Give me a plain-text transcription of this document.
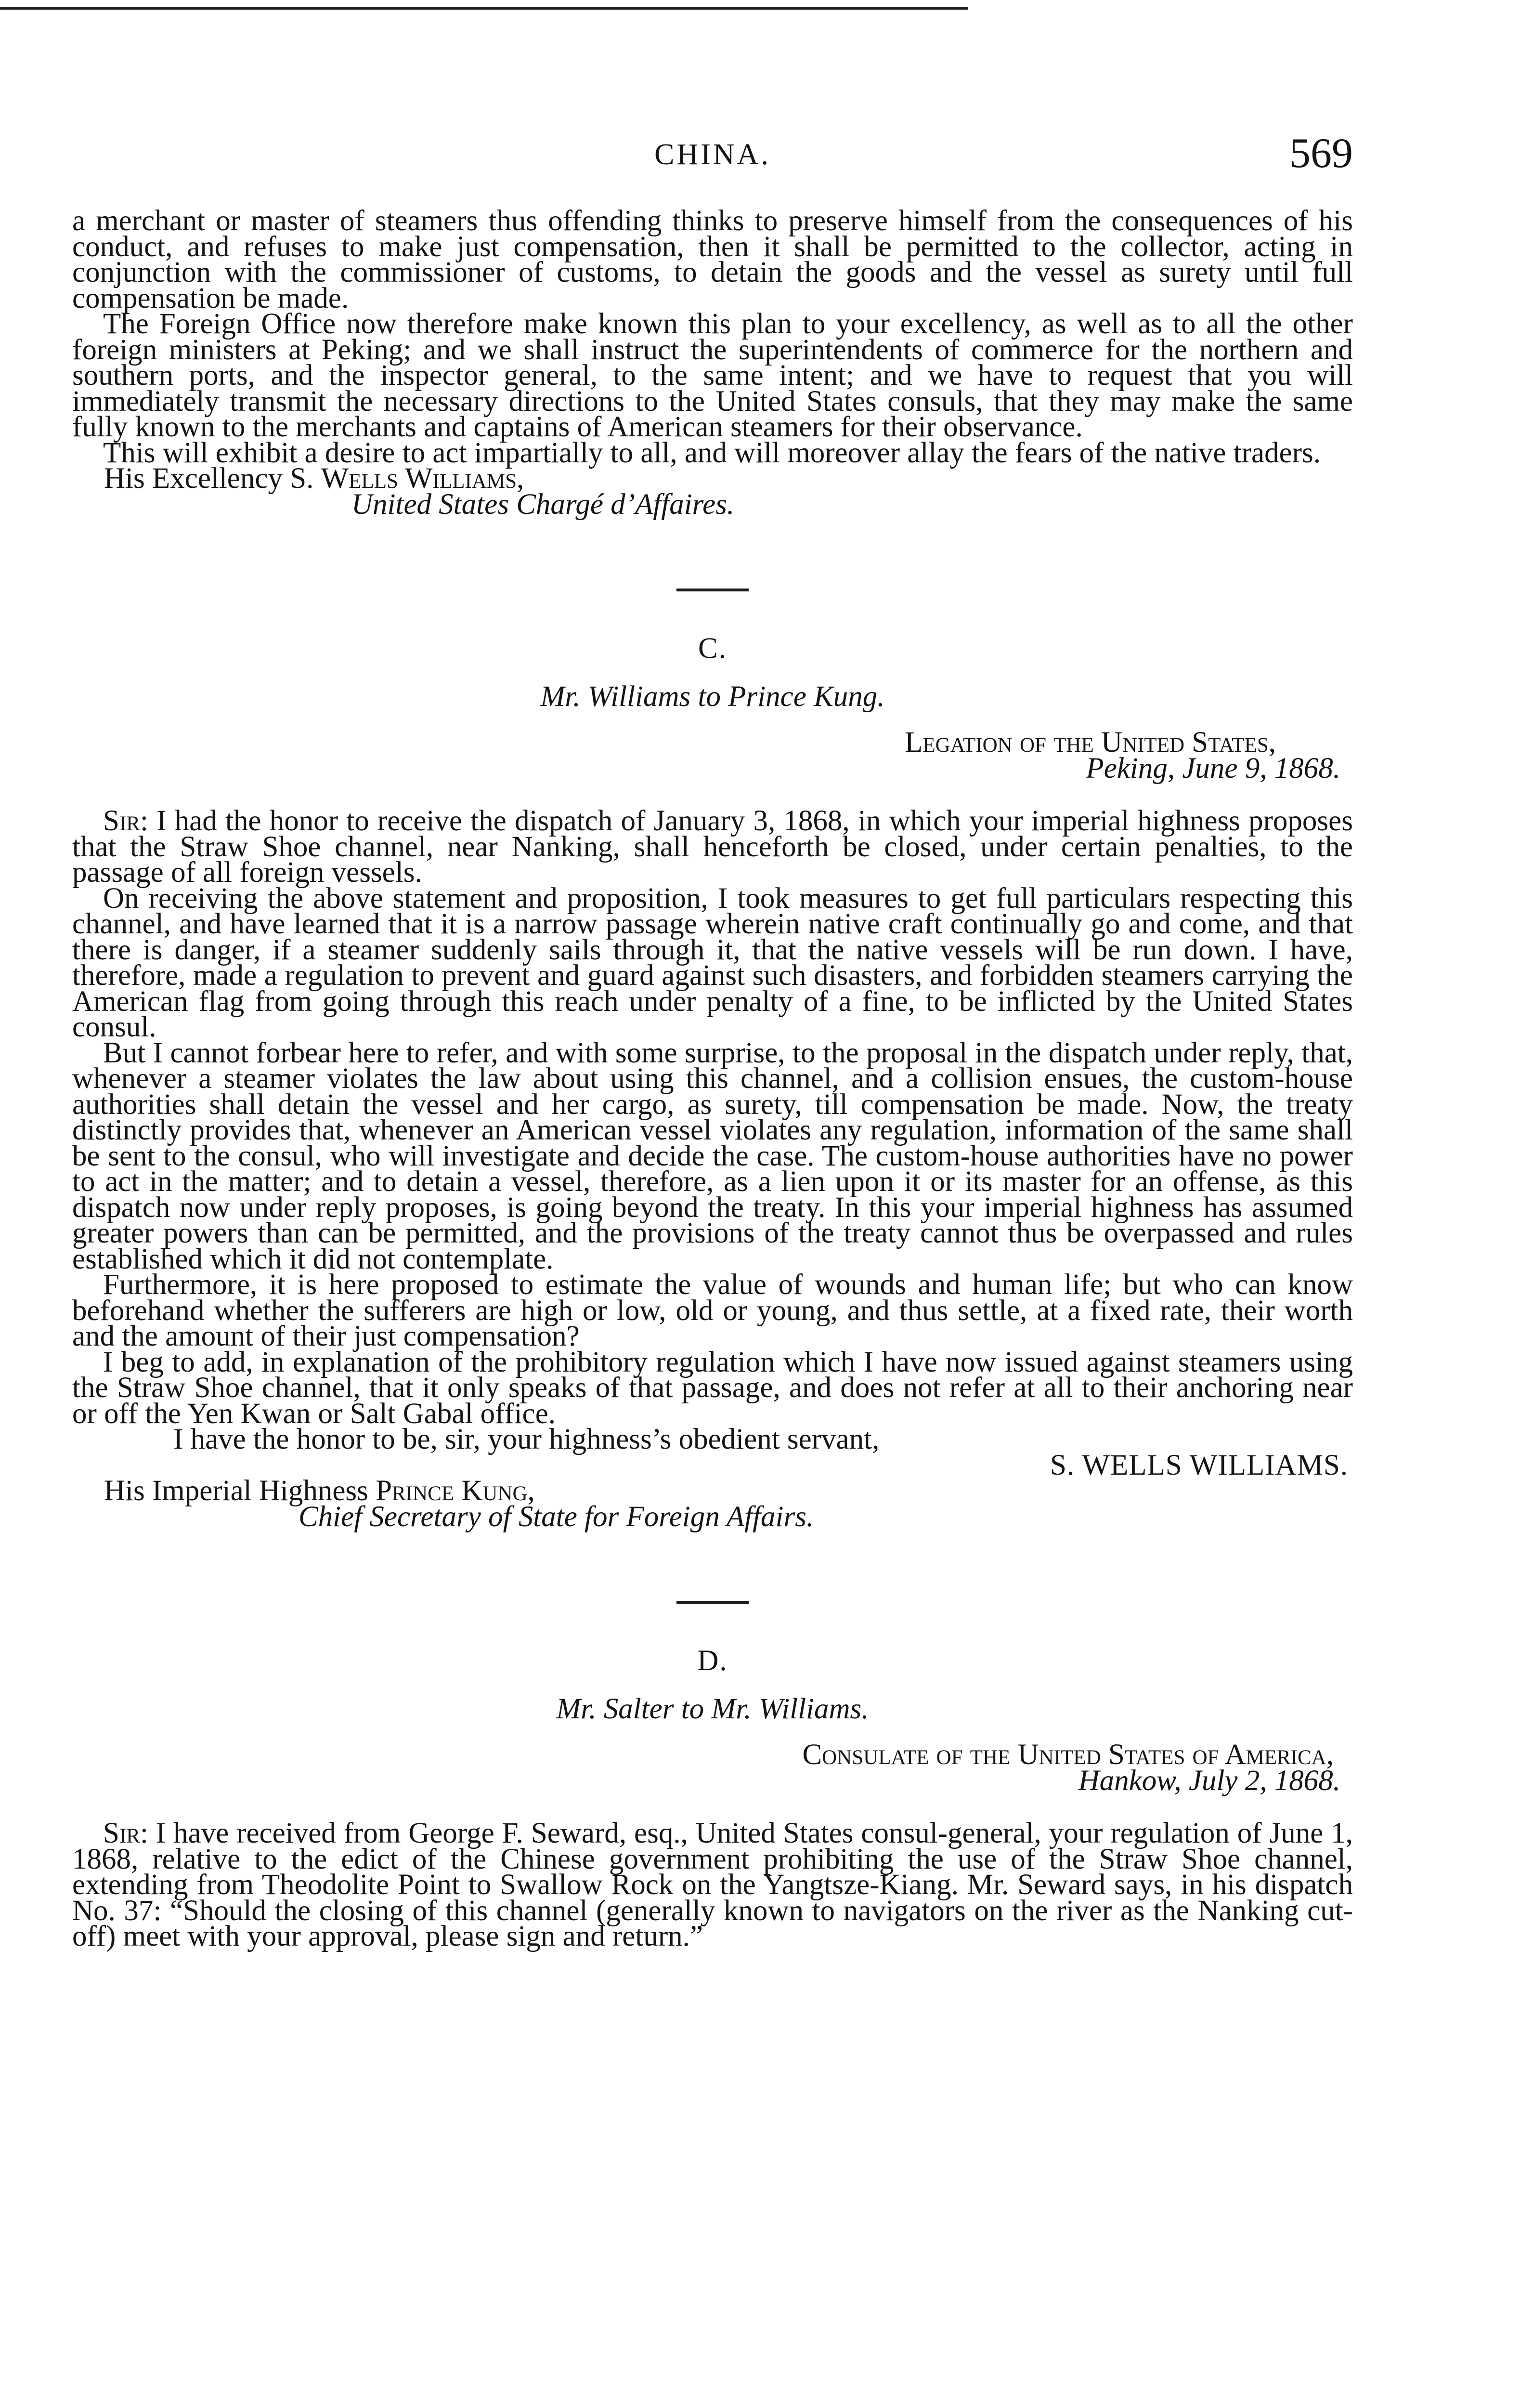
CHINA.	569

a merchant or master of steamers thus offending thinks to preserve himself from the consequences of his conduct, and refuses to make just compensation, then it shall be permitted to the collector, acting in conjunction with the commissioner of customs, to detain the goods and the vessel as surety until full compensation be made.

The Foreign Office now therefore make known this plan to your excellency, as well as to all the other foreign ministers at Peking; and we shall instruct the superintendents of commerce for the northern and southern ports, and the inspector general, to the same intent; and we have to request that you will immediately transmit the necessary directions to the United States consuls, that they may make the same fully known to the merchants and captains of American steamers for their observance.

This will exhibit a desire to act impartially to all, and will moreover allay the fears of the native traders.

His Excellency S. Wells Williams,

United States Chargé d’Affaires.

C.
Mr. Williams to Prince Kung.
Legation of the United States,
Peking, June 9, 1868.

Sir: I had the honor to receive the dispatch of January 3, 1868, in which your imperial highness proposes that the Straw Shoe channel, near Nanking, shall henceforth be closed, under certain penalties, to the passage of all foreign vessels.

On receiving the above statement and proposition, I took measures to get full particulars respecting this channel, and have learned that it is a narrow passage wherein native craft continually go and come, and that there is danger, if a steamer suddenly sails through it, that the native vessels will be run down. I have, therefore, made a regulation to prevent and guard against such disasters, and forbidden steamers carrying the American flag from going through this reach under penalty of a fine, to be inflicted by the United States consul.

But I cannot forbear here to refer, and with some surprise, to the proposal in the dispatch under reply, that, whenever a steamer violates the law about using this channel, and a collision ensues, the custom-house authorities shall detain the vessel and her cargo, as surety, till compensation be made. Now, the treaty distinctly provides that, whenever an American vessel violates any regulation, information of the same shall be sent to the consul, who will investigate and decide the case. The custom-house authorities have no power to act in the matter; and to detain a vessel, therefore, as a lien upon it or its master for an offense, as this dispatch now under reply proposes, is going beyond the treaty. In this your imperial highness has assumed greater powers than can be permitted, and the provisions of the treaty cannot thus be overpassed and rules established which it did not contemplate.

Furthermore, it is here proposed to estimate the value of wounds and human life; but who can know beforehand whether the sufferers are high or low, old or young, and thus settle, at a fixed rate, their worth and the amount of their just compensation?

I beg to add, in explanation of the prohibitory regulation which I have now issued against steamers using the Straw Shoe channel, that it only speaks of that passage, and does not refer at all to their anchoring near or off the Yen Kwan or Salt Gabal office.

I have the honor to be, sir, your highness’s obedient servant,

S. WELLS WILLIAMS.

His Imperial Highness Prince Kung,

Chief Secretary of State for Foreign Affairs.

D.
Mr. Salter to Mr. Williams.
Consulate of the United States of America,
Hankow, July 2, 1868.

Sir: I have received from George F. Seward, esq., United States consul-general, your regulation of June 1, 1868, relative to the edict of the Chinese government prohibiting the use of the Straw Shoe channel, extending from Theodolite Point to Swallow Rock on the Yangtsze-Kiang. Mr. Seward says, in his dispatch No. 37: “Should the closing of this channel (generally known to navigators on the river as the Nanking cut-off) meet with your approval, please sign and return.”
